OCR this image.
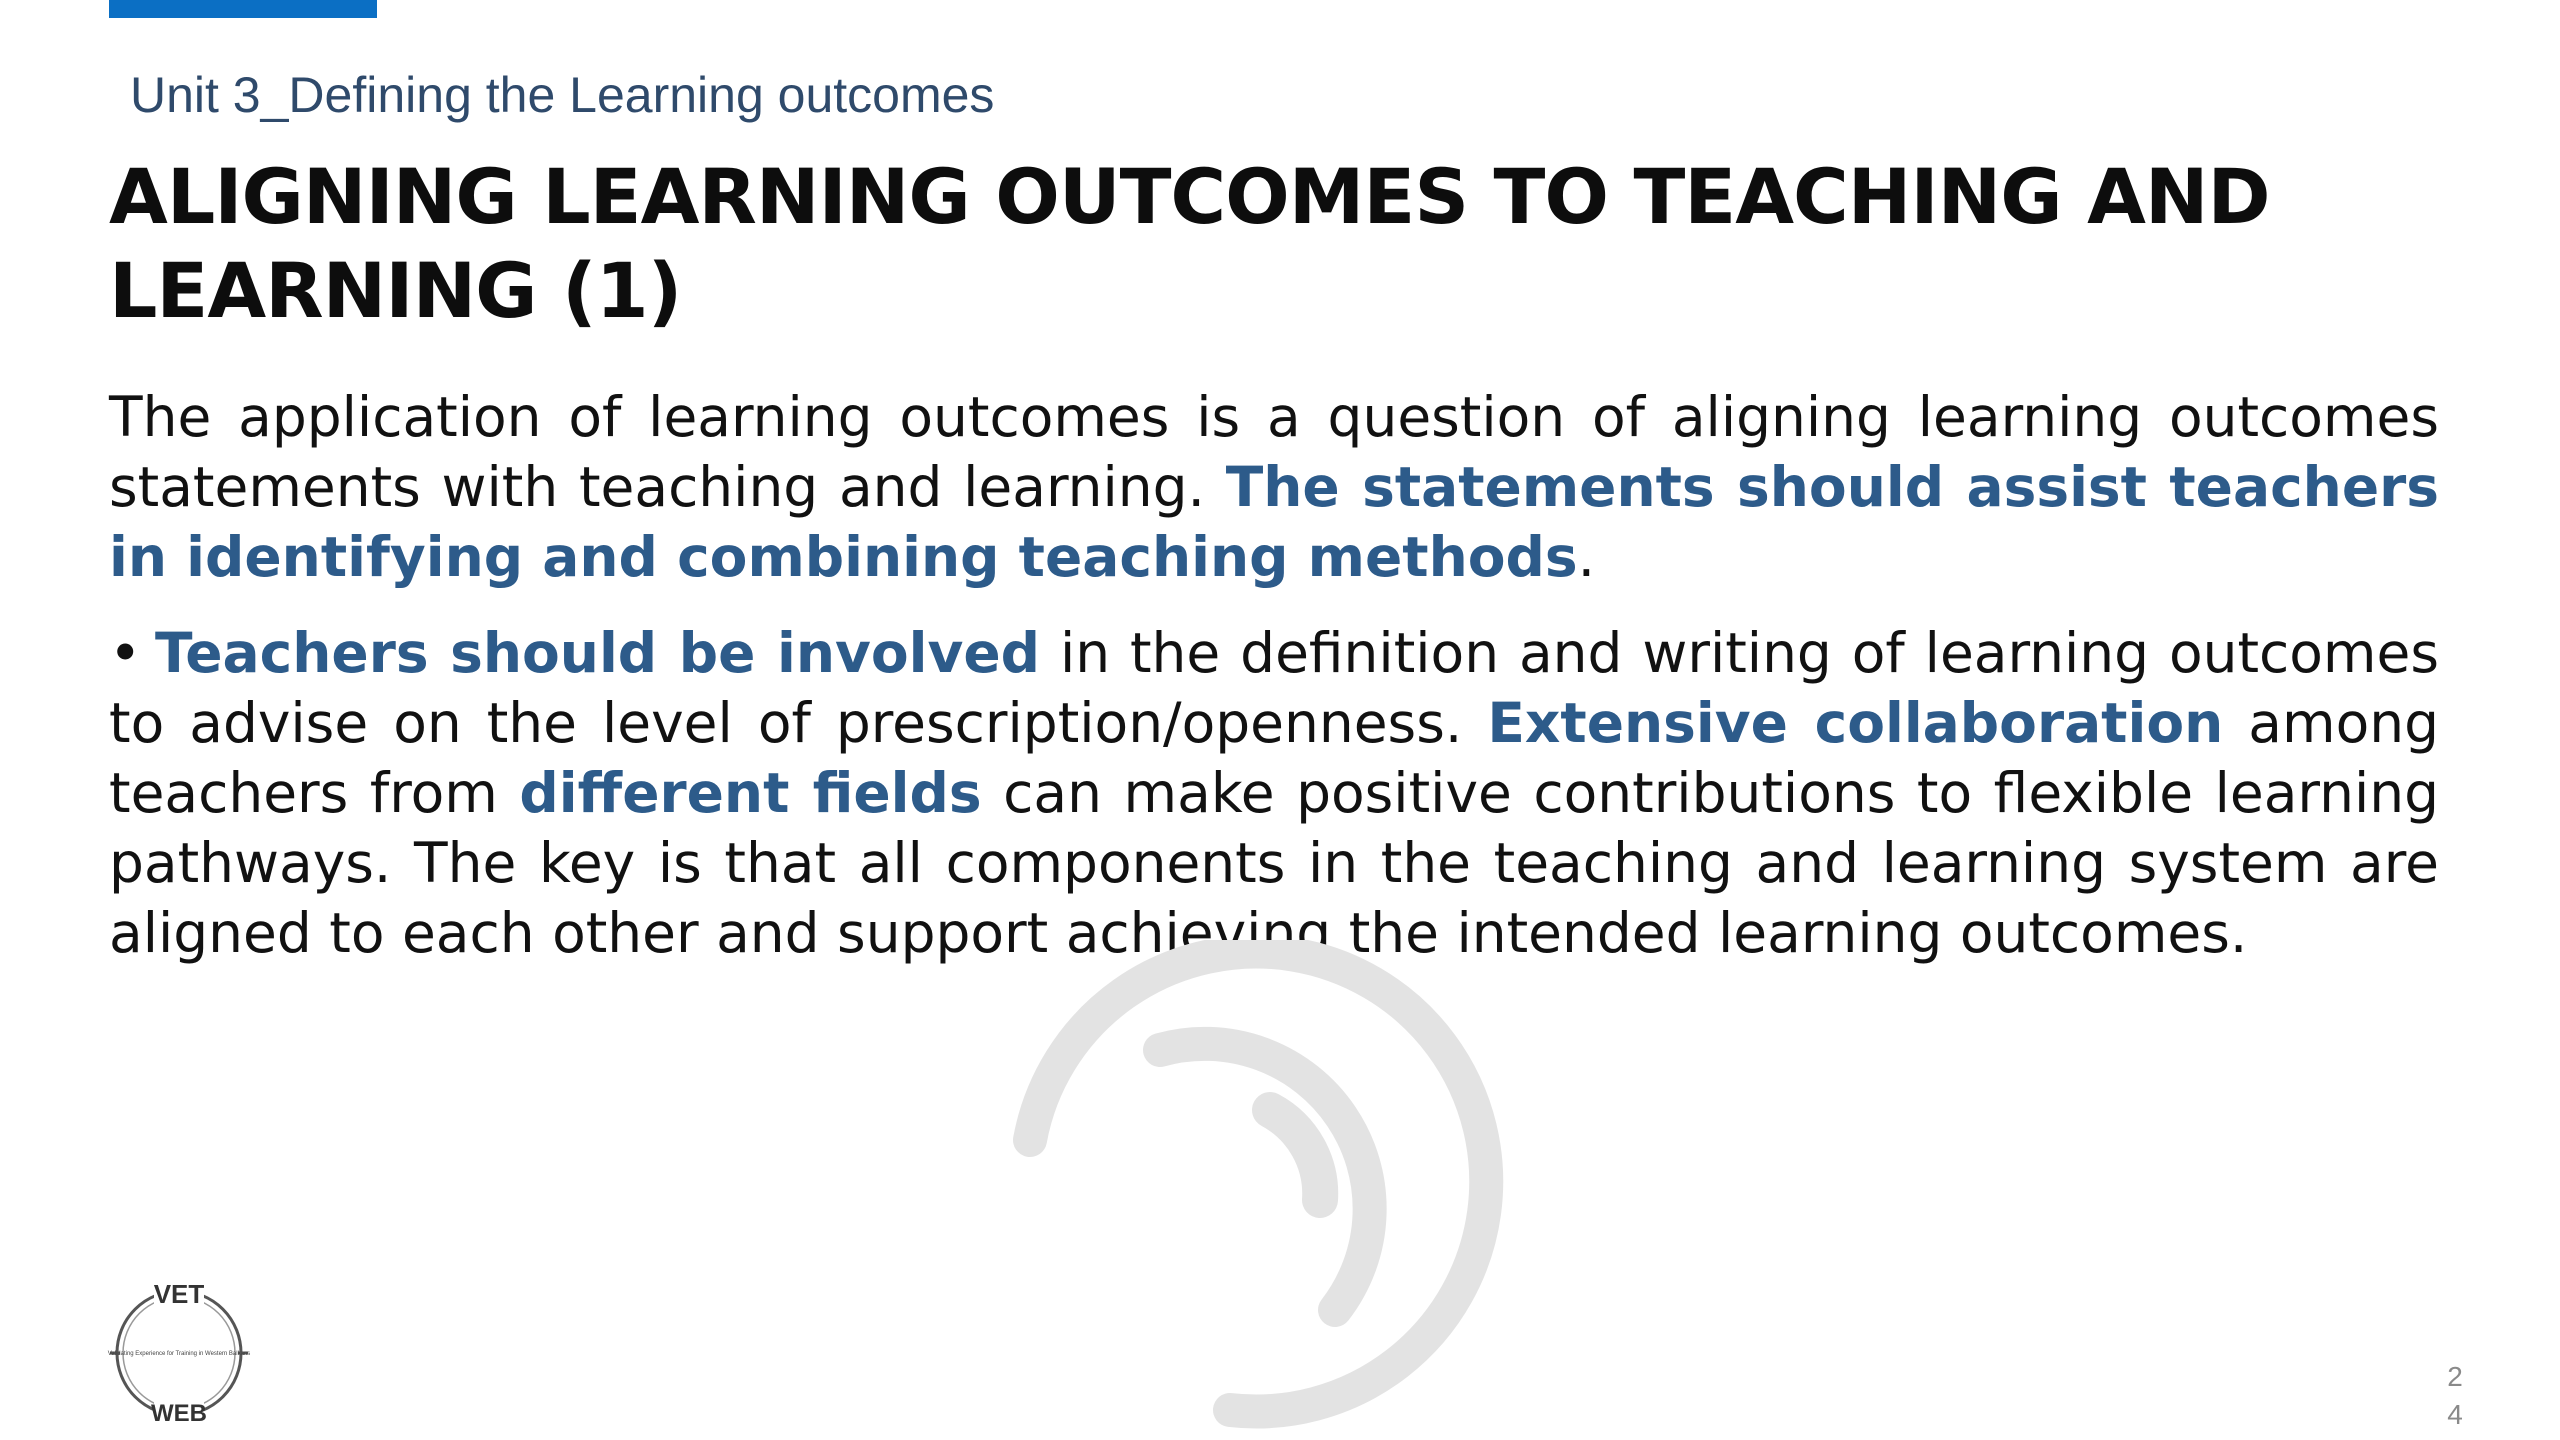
Unit 3_Defining the Learning outcomes
ALIGNING LEARNING OUTCOMES TO TEACHING AND
LEARNING (1)

The application of learning outcomes is a question of aligning learning outcomes statements with teaching and learning. The statements should assist teachers in identifying and combining teaching methods.

• Teachers should be involved in the definition and writing of learning outcomes to advise on the level of prescription/openness. Extensive collaboration among teachers from different fields can make positive contributions to flexible learning pathways. The key is that all components in the teaching and learning system are aligned to each other and support achieving the intended learning outcomes.

VET
Validating Experience for Training in Western Balkans
WEB
2
4
